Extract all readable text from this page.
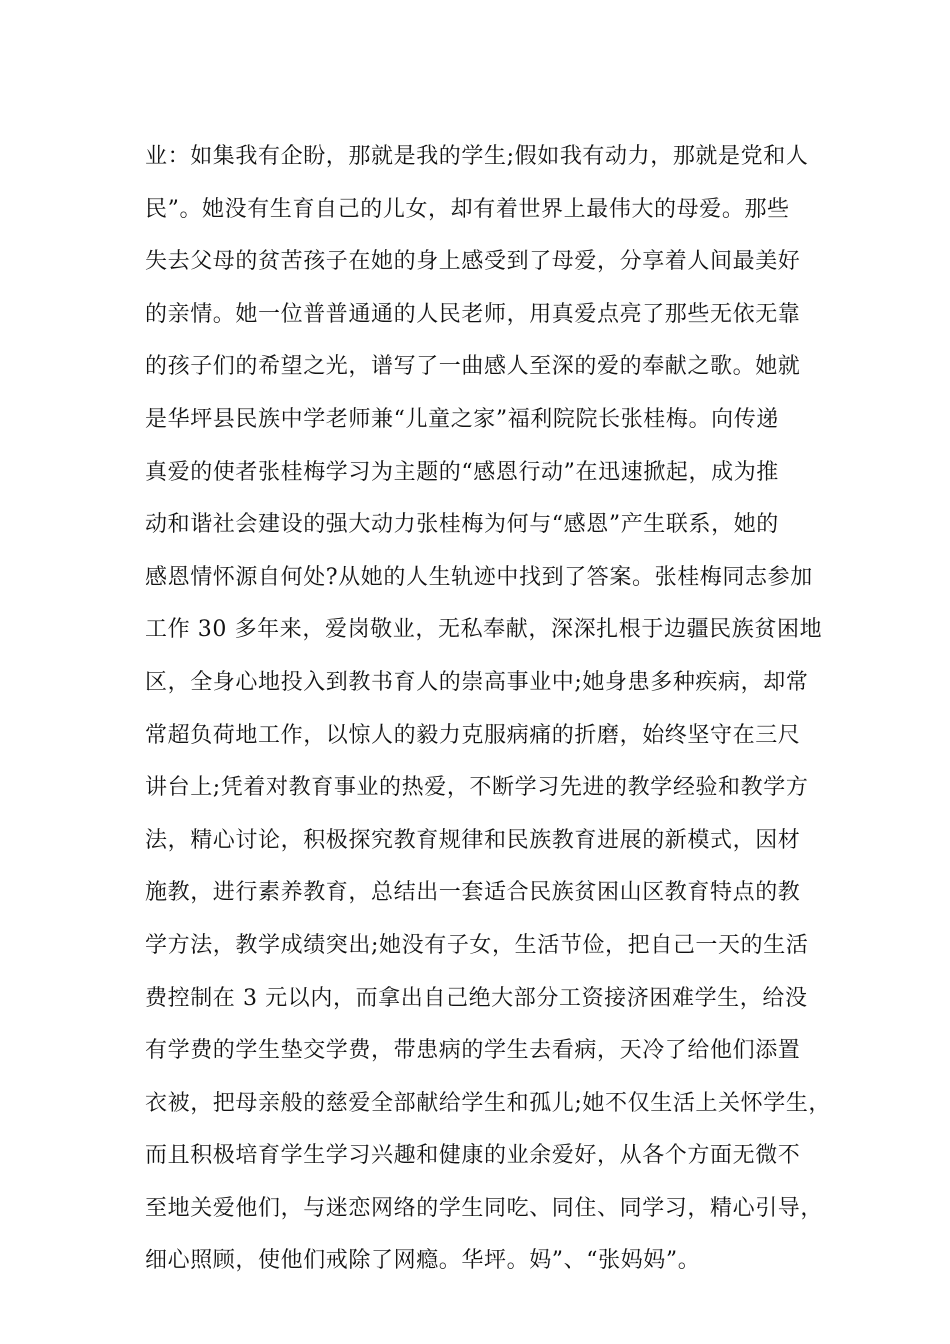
业：如集我有企盼，那就是我的学生;假如我有动力，那就是党和人
民”。她没有生育自己的儿女，却有着世界上最伟大的母爱。那些
失去父母的贫苦孩子在她的身上感受到了母爱，分享着人间最美好
的亲情。她一位普普通通的人民老师，用真爱点亮了那些无依无靠
的孩子们的希望之光，谱写了一曲感人至深的爱的奉献之歌。她就
是华坪县民族中学老师兼“儿童之家”福利院院长张桂梅。向传递
真爱的使者张桂梅学习为主题的“感恩行动”在迅速掀起，成为推
动和谐社会建设的强大动力张桂梅为何与“感恩”产生联系，她的
感恩情怀源自何处?从她的人生轨迹中找到了答案。张桂梅同志参加
工作 30 多年来，爱岗敬业，无私奉献，深深扎根于边疆民族贫困地
区，全身心地投入到教书育人的崇高事业中;她身患多种疾病，却常
常超负荷地工作，以惊人的毅力克服病痛的折磨，始终坚守在三尺
讲台上;凭着对教育事业的热爱，不断学习先进的教学经验和教学方
法，精心讨论，积极探究教育规律和民族教育进展的新模式，因材
施教，进行素养教育，总结出一套适合民族贫困山区教育特点的教
学方法，教学成绩突出;她没有子女，生活节俭，把自己一天的生活
费控制在 3 元以内，而拿出自己绝大部分工资接济困难学生，给没
有学费的学生垫交学费，带患病的学生去看病，天冷了给他们添置
衣被，把母亲般的慈爱全部献给学生和孤儿;她不仅生活上关怀学生，
而且积极培育学生学习兴趣和健康的业余爱好，从各个方面无微不
至地关爱他们，与迷恋网络的学生同吃、同住、同学习，精心引导，
细心照顾，使他们戒除了网瘾。华坪。妈”、“张妈妈”。
